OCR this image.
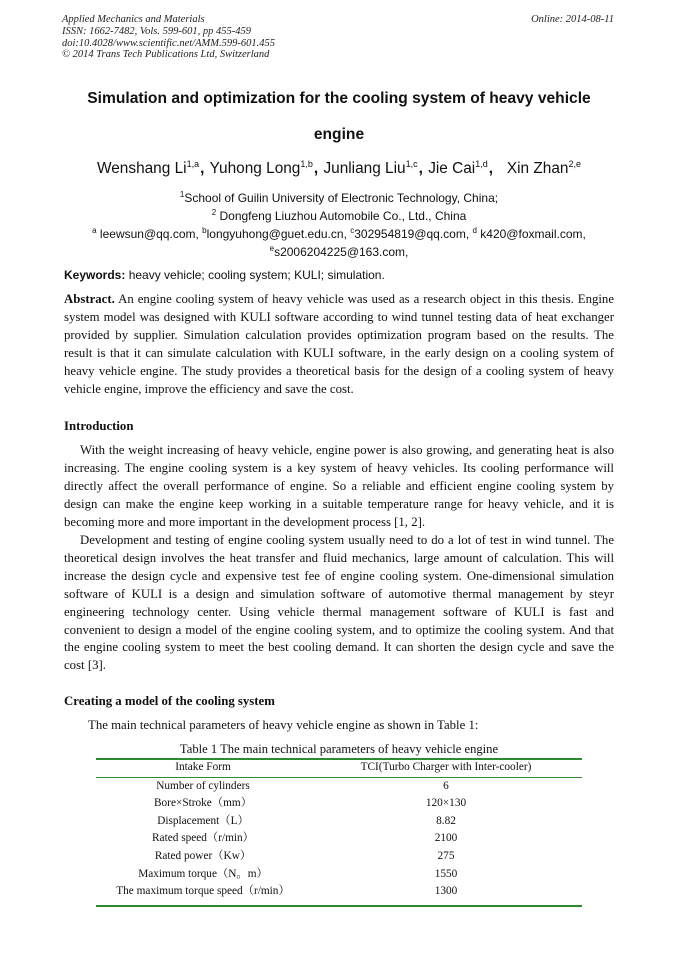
Applied Mechanics and Materials
ISSN: 1662-7482, Vols. 599-601, pp 455-459
doi:10.4028/www.scientific.net/AMM.599-601.455
© 2014 Trans Tech Publications Ltd, Switzerland
Online: 2014-08-11
Simulation and optimization for the cooling system of heavy vehicle
engine
Wenshang Li$^{1,a}$, Yuhong Long$^{1,b}$, Junliang Liu$^{1,c}$, Jie Cai$^{1,d}$, Xin Zhan$^{2,e}$
$^1$School of Guilin University of Electronic Technology, China;
$^2$ Dongfeng Liuzhou Automobile Co., Ltd., China
$^a$ leewsun@qq.com, $^b$longyuhong@guet.edu.cn, $^c$302954819@qq.com, $^d$ k420@foxmail.com,
$^e$s2006204225@163.com,
Keywords: heavy vehicle; cooling system; KULI; simulation.
Abstract. An engine cooling system of heavy vehicle was used as a research object in this thesis. Engine system model was designed with KULI software according to wind tunnel testing data of heat exchanger provided by supplier. Simulation calculation provides optimization program based on the results. The result is that it can simulate calculation with KULI software, in the early design on a cooling system of heavy vehicle engine. The study provides a theoretical basis for the design of a cooling system of heavy vehicle engine, improve the efficiency and save the cost.
Introduction
With the weight increasing of heavy vehicle, engine power is also growing, and generating heat is also increasing. The engine cooling system is a key system of heavy vehicles. Its cooling performance will directly affect the overall performance of engine. So a reliable and efficient engine cooling system by design can make the engine keep working in a suitable temperature range for heavy vehicle, and it is becoming more and more important in the development process [1, 2].
Development and testing of engine cooling system usually need to do a lot of test in wind tunnel. The theoretical design involves the heat transfer and fluid mechanics, large amount of calculation. This will increase the design cycle and expensive test fee of engine cooling system. One-dimensional simulation software of KULI is a design and simulation software of automotive thermal management by steyr engineering technology center. Using vehicle thermal management software of KULI is fast and convenient to design a model of the engine cooling system, and to optimize the cooling system. And that the engine cooling system to meet the best cooling demand. It can shorten the design cycle and save the cost [3].
Creating a model of the cooling system
The main technical parameters of heavy vehicle engine as shown in Table 1:
Table 1 The main technical parameters of heavy vehicle engine
Intake Form	TCI(Turbo Charger with Inter-cooler)
Number of cylinders	6
Bore×Stroke（mm）	120×130
Displacement（L）	8.82
Rated speed（r/min）	2100
Rated power（Kw）	275
Maximum torque（N。m）	1550
The maximum torque speed（r/min）	1300
